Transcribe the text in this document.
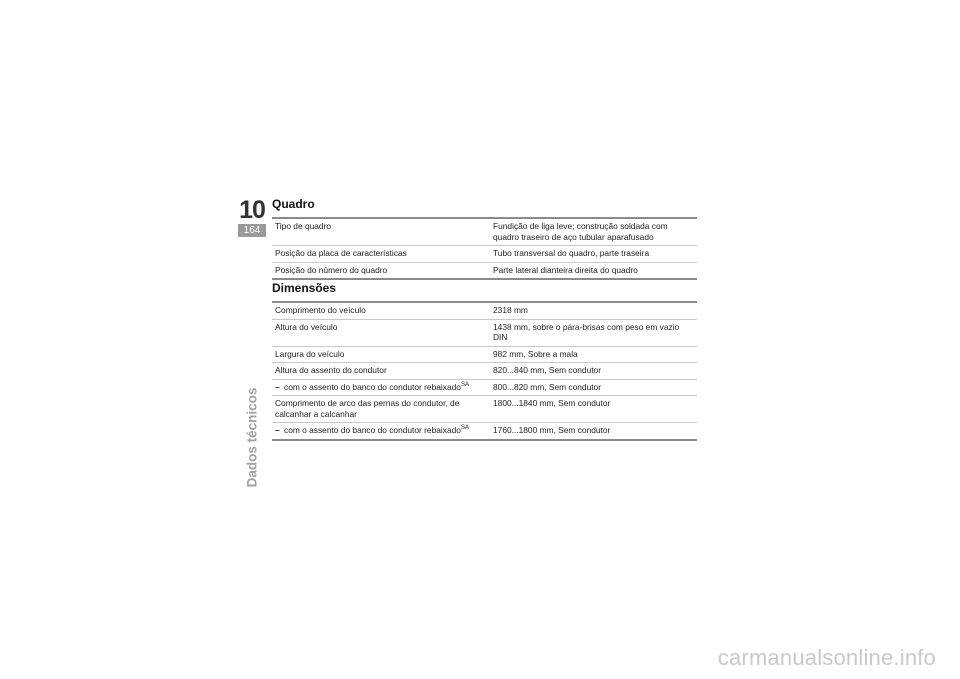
10
164
Dados técnicos
Quadro
Tipo de quadro	Fundição de liga leve; construção soldada com quadro traseiro de aço tubular aparafusado
Posição da placa de características	Tubo transversal do quadro, parte traseira
Posição do número do quadro	Parte lateral dianteira direita do quadro
Dimensões
Comprimento do veículo	2318 mm
Altura do veículo	1438 mm, sobre o pára-brisas com peso em vazio DIN
Largura do veículo	982 mm, Sobre a mala
Altura do assento do condutor	820...840 mm, Sem condutor

– com o assento do banco do condutor rebaixado$^{SA}$	800...820 mm, Sem condutor
Comprimento de arco das pernas do condutor, de calcanhar a calcanhar	1800...1840 mm, Sem condutor

– com o assento do banco do condutor rebaixado$^{SA}$	1760...1800 mm, Sem condutor
carmanualsonline.info
